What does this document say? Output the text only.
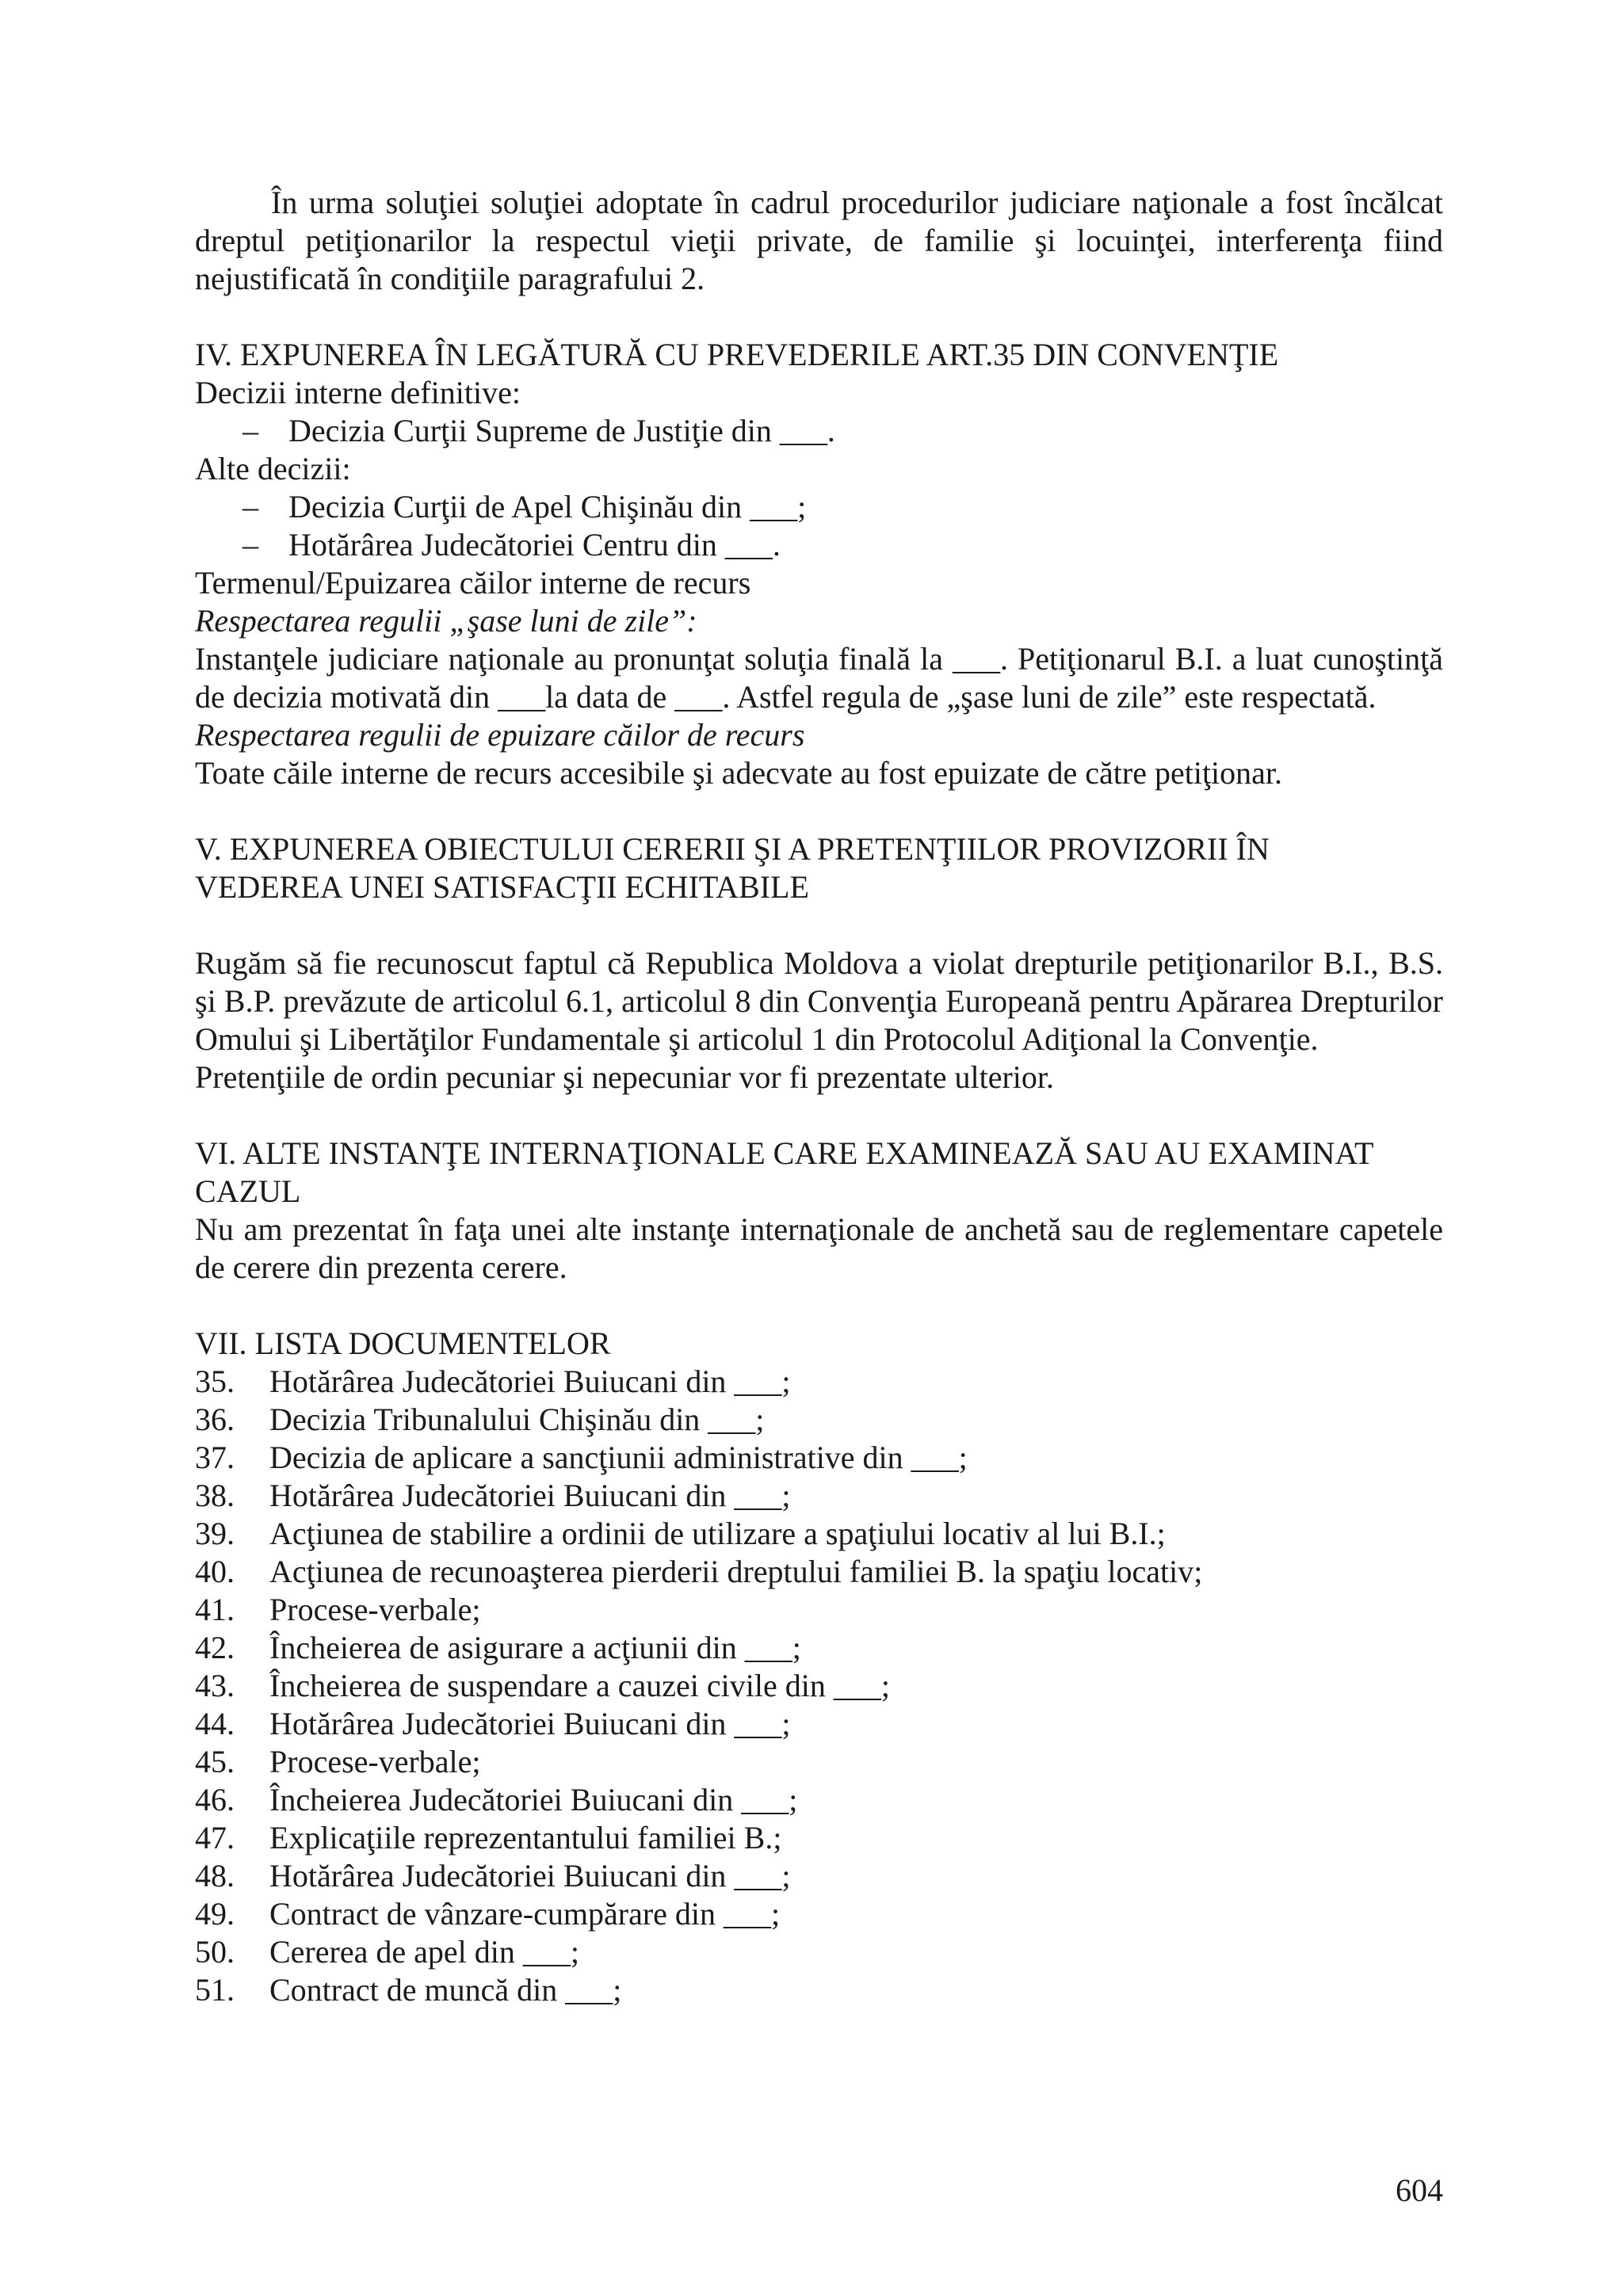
În urma soluţiei soluţiei adoptate în cadrul procedurilor judiciare naţionale a fost încălcat dreptul petiţionarilor la respectul vieţii private, de familie şi locuinţei, interferenţa fiind nejustificată în condiţiile paragrafului 2.

IV. EXPUNEREA ÎN LEGĂTURĂ CU PREVEDERILE ART.35 DIN CONVENŢIE

Decizii interne definitive:

– Decizia Curţii Supreme de Justiţie din ___.

Alte decizii:

– Decizia Curţii de Apel Chişinău din ___;
– Hotărârea Judecătoriei Centru din ___.

Termenul/Epuizarea căilor interne de recurs

Respectarea regulii „şase luni de zile”:

Instanţele judiciare naţionale au pronunţat soluţia finală la ___. Petiţionarul B.I. a luat cunoştinţă de decizia motivată din ___la data de ___. Astfel regula de „şase luni de zile” este respectată.

Respectarea regulii de epuizare căilor de recurs

Toate căile interne de recurs accesibile şi adecvate au fost epuizate de către petiţionar.

V. EXPUNEREA OBIECTULUI CERERII ŞI A PRETENŢIILOR PROVIZORII ÎN

VEDEREA UNEI SATISFACŢII ECHITABILE

Rugăm să fie recunoscut faptul că Republica Moldova a violat drepturile petiţionarilor B.I., B.S. şi B.P. prevăzute de articolul 6.1, articolul 8 din Convenţia Europeană pentru Apărarea Drepturilor Omului şi Libertăţilor Fundamentale şi articolul 1 din Protocolul Adiţional la Convenţie.

Pretenţiile de ordin pecuniar şi nepecuniar vor fi prezentate ulterior.

VI. ALTE INSTANŢE INTERNAŢIONALE CARE EXAMINEAZĂ SAU AU EXAMINAT

CAZUL

Nu am prezentat în faţa unei alte instanţe internaţionale de anchetă sau de reglementare capetele de cerere din prezenta cerere.

VII. LISTA DOCUMENTELOR

35.	Hotărârea Judecătoriei Buiucani din ___;
36.	Decizia Tribunalului Chişinău din ___;
37.	Decizia de aplicare a sancţiunii administrative din ___;
38.	Hotărârea Judecătoriei Buiucani din ___;
39.	Acţiunea de stabilire a ordinii de utilizare a spaţiului locativ al lui B.I.;
40.	Acţiunea de recunoaşterea pierderii dreptului familiei B. la spaţiu locativ;
41.	Procese-verbale;
42.	Încheierea de asigurare a acţiunii din ___;
43.	Încheierea de suspendare a cauzei civile din ___;
44.	Hotărârea Judecătoriei Buiucani din ___;
45.	Procese-verbale;
46.	Încheierea Judecătoriei Buiucani din ___;
47.	Explicaţiile reprezentantului familiei B.;
48.	Hotărârea Judecătoriei Buiucani din ___;
49.	Contract de vânzare-cumpărare din ___;
50.	Cererea de apel din ___;
51.	Contract de muncă din ___;
604
